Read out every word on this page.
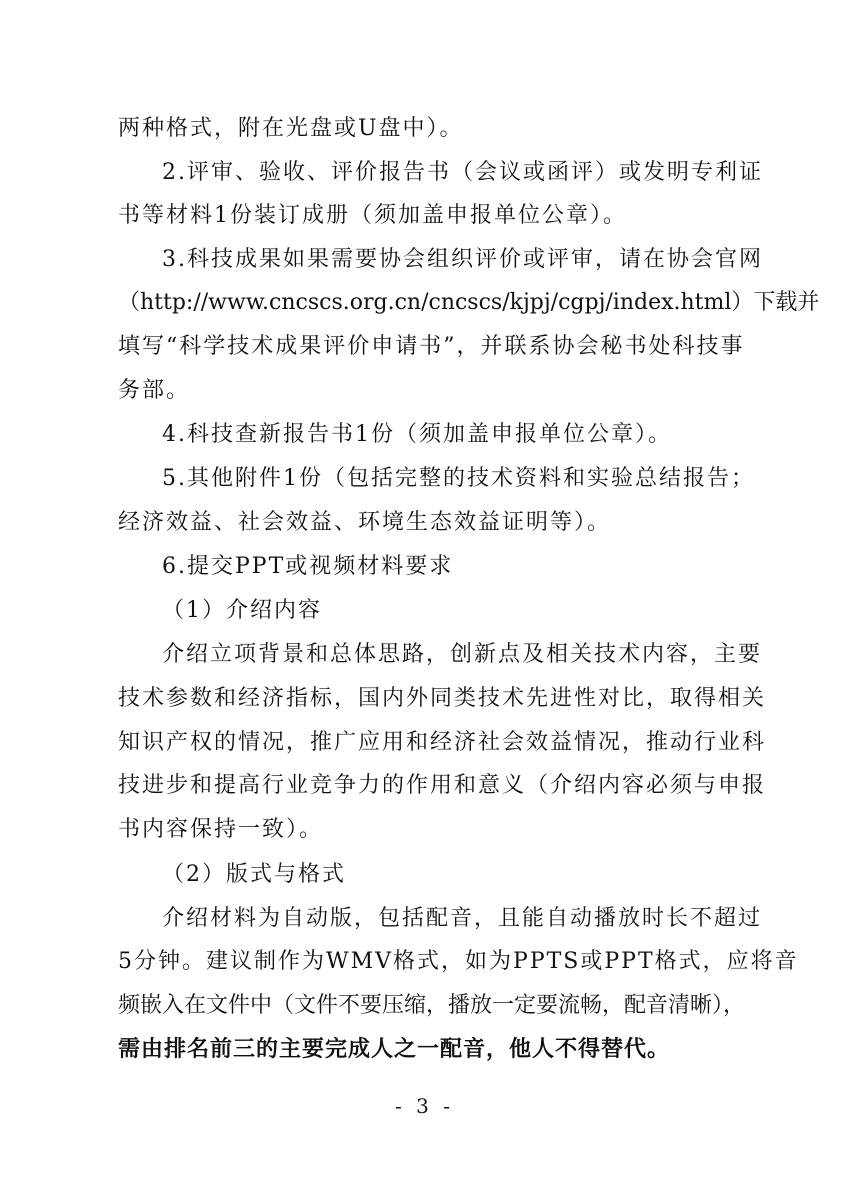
两种格式，附在光盘或U盘中）。
2.评审、验收、评价报告书（会议或函评）或发明专利证
书等材料1份装订成册（须加盖申报单位公章）。
3.科技成果如果需要协会组织评价或评审，请在协会官网
（http://www.cncscs.org.cn/cncscs/kjpj/cgpj/index.html）下载并
填写“科学技术成果评价申请书”，并联系协会秘书处科技事
务部。
4.科技查新报告书1份（须加盖申报单位公章）。
5.其他附件1份（包括完整的技术资料和实验总结报告；
经济效益、社会效益、环境生态效益证明等）。
6.提交PPT或视频材料要求
（1）介绍内容
介绍立项背景和总体思路，创新点及相关技术内容，主要
技术参数和经济指标，国内外同类技术先进性对比，取得相关
知识产权的情况，推广应用和经济社会效益情况，推动行业科
技进步和提高行业竞争力的作用和意义（介绍内容必须与申报
书内容保持一致）。
（2）版式与格式
介绍材料为自动版，包括配音，且能自动播放时长不超过
5分钟。建议制作为WMV格式，如为PPTS或PPT格式，应将音
频嵌入在文件中（文件不要压缩，播放一定要流畅，配音清晰），
需由排名前三的主要完成人之一配音，他人不得替代。
- 3 -
